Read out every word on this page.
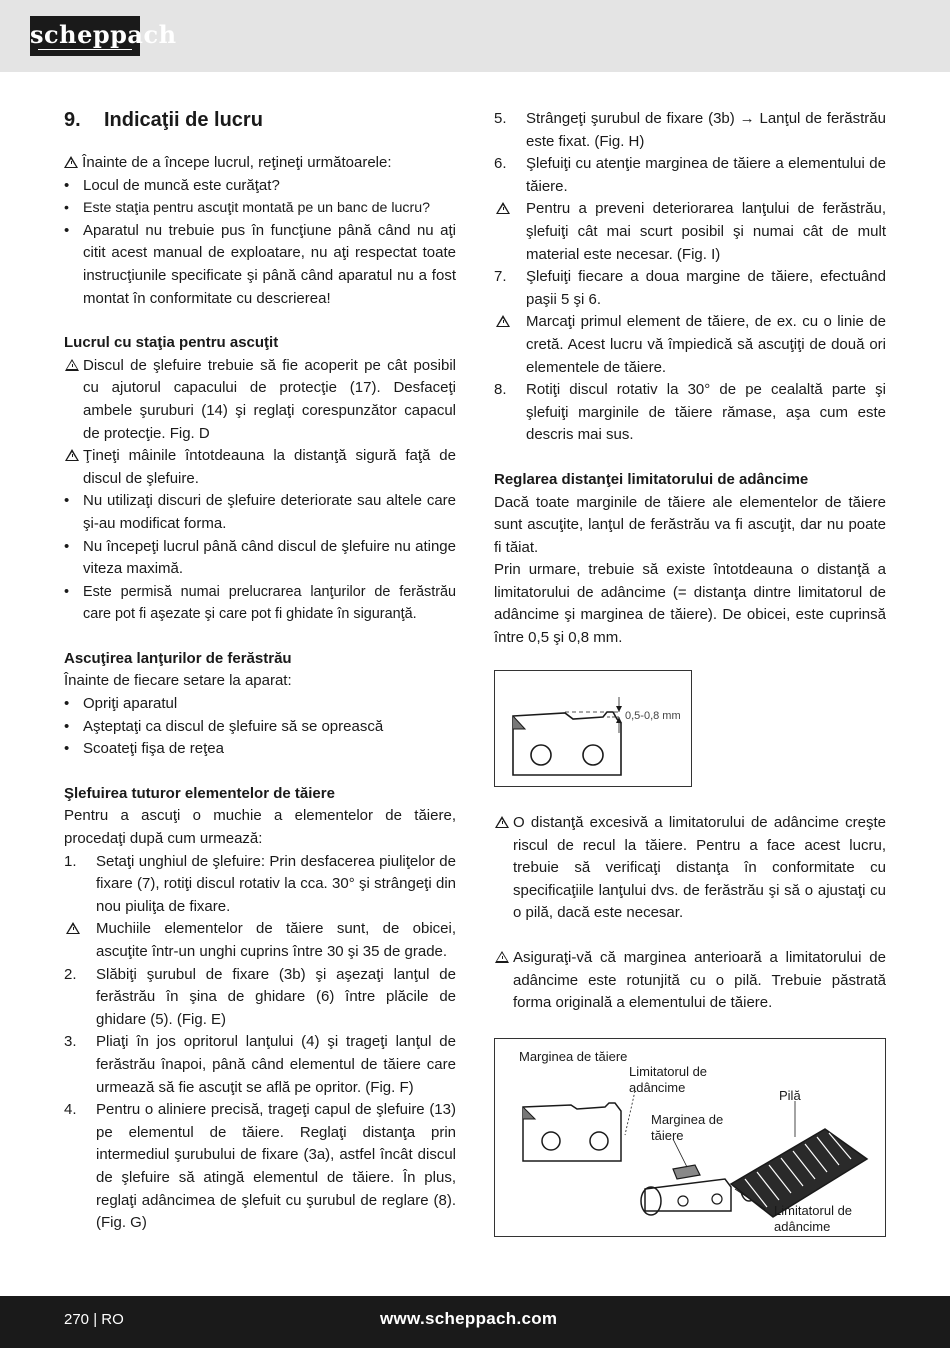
scheppach
9. Indicaţii de lucru
Înainte de a începe lucrul, reţineţi următoarele:
• Locul de muncă este curăţat?
• Este staţia pentru ascuţit montată pe un banc de lucru?
• Aparatul nu trebuie pus în funcţiune până când nu aţi citit acest manual de exploatare, nu aţi respectat toate instrucţiunile specificate şi până când aparatul nu a fost montat în conformitate cu descrierea!
Lucrul cu staţia pentru ascuţit
Discul de şlefuire trebuie să fie acoperit pe cât posibil cu ajutorul capacului de protecţie (17). Desfaceţi ambele şuruburi (14) şi reglaţi corespunzător capacul de protecţie. Fig. D
Ţineţi mâinile întotdeauna la distanţă sigură faţă de discul de şlefuire.
• Nu utilizaţi discuri de şlefuire deteriorate sau altele care şi-au modificat forma.
• Nu începeţi lucrul până când discul de şlefuire nu atinge viteza maximă.
• Este permisă numai prelucrarea lanţurilor de ferăstrău care pot fi aşezate şi care pot fi ghidate în siguranţă.
Ascuţirea lanţurilor de ferăstrău
Înainte de fiecare setare la aparat:
• Opriţi aparatul
• Aşteptaţi ca discul de şlefuire să se oprească
• Scoateţi fişa de reţea
Şlefuirea tuturor elementelor de tăiere
Pentru a ascuţi o muchie a elementelor de tăiere, procedaţi după cum urmează:
1. Setaţi unghiul de şlefuire: Prin desfacerea piuliţelor de fixare (7), rotiţi discul rotativ la cca. 30° şi strângeţi din nou piuliţa de fixare.
Muchiile elementelor de tăiere sunt, de obicei, ascuţite într-un unghi cuprins între 30 şi 35 de grade.
2. Slăbiţi şurubul de fixare (3b) şi aşezaţi lanţul de ferăstrău în şina de ghidare (6) între plăcile de ghidare (5). (Fig. E)
3. Pliaţi în jos opritorul lanţului (4) şi trageţi lanţul de ferăstrău înapoi, până când elementul de tăiere care urmează să fie ascuţit se află pe opritor. (Fig. F)
4. Pentru o aliniere precisă, trageţi capul de şlefuire (13) pe elementul de tăiere. Reglaţi distanţa prin intermediul şurubului de fixare (3a), astfel încât discul de şlefuire să atingă elementul de tăiere. În plus, reglaţi adâncimea de şlefuit cu şurubul de reglare (8). (Fig. G)
5. Strângeţi şurubul de fixare (3b) → Lanţul de ferăstrău este fixat. (Fig. H)
6. Şlefuiţi cu atenţie marginea de tăiere a elementului de tăiere.
Pentru a preveni deteriorarea lanţului de ferăstrău, şlefuiţi cât mai scurt posibil şi numai cât de mult material este necesar. (Fig. I)
7. Şlefuiţi fiecare a doua margine de tăiere, efectuând paşii 5 şi 6.
Marcaţi primul element de tăiere, de ex. cu o linie de cretă. Acest lucru vă împiedică să ascuţiţi de două ori elementele de tăiere.
8. Rotiţi discul rotativ la 30° de pe cealaltă parte şi şlefuiţi marginile de tăiere rămase, aşa cum este descris mai sus.
Reglarea distanţei limitatorului de adâncime
Dacă toate marginile de tăiere ale elementelor de tăiere sunt ascuţite, lanţul de ferăstrău va fi ascuţit, dar nu poate fi tăiat.
Prin urmare, trebuie să existe întotdeauna o distanţă a limitatorului de adâncime (= distanţa dintre limitatorul de adâncime şi marginea de tăiere). De obicei, este cuprinsă între 0,5 şi 0,8 mm.
0,5-0,8 mm
O distanţă excesivă a limitatorului de adâncime creşte riscul de recul la tăiere. Pentru a face acest lucru, trebuie să verificaţi distanţa în conformitate cu specificaţiile lanţului dvs. de ferăstrău şi să o ajustaţi cu o pilă, dacă este necesar.
Asiguraţi-vă că marginea anterioară a limitatorului de adâncime este rotunjită cu o pilă. Trebuie păstrată forma originală a elementului de tăiere.
Marginea de tăiere
Limitatorul de
adâncime
Pilă
Marginea de
tăiere
Limitatorul de
adâncime
270 | RO	www.scheppach.com
